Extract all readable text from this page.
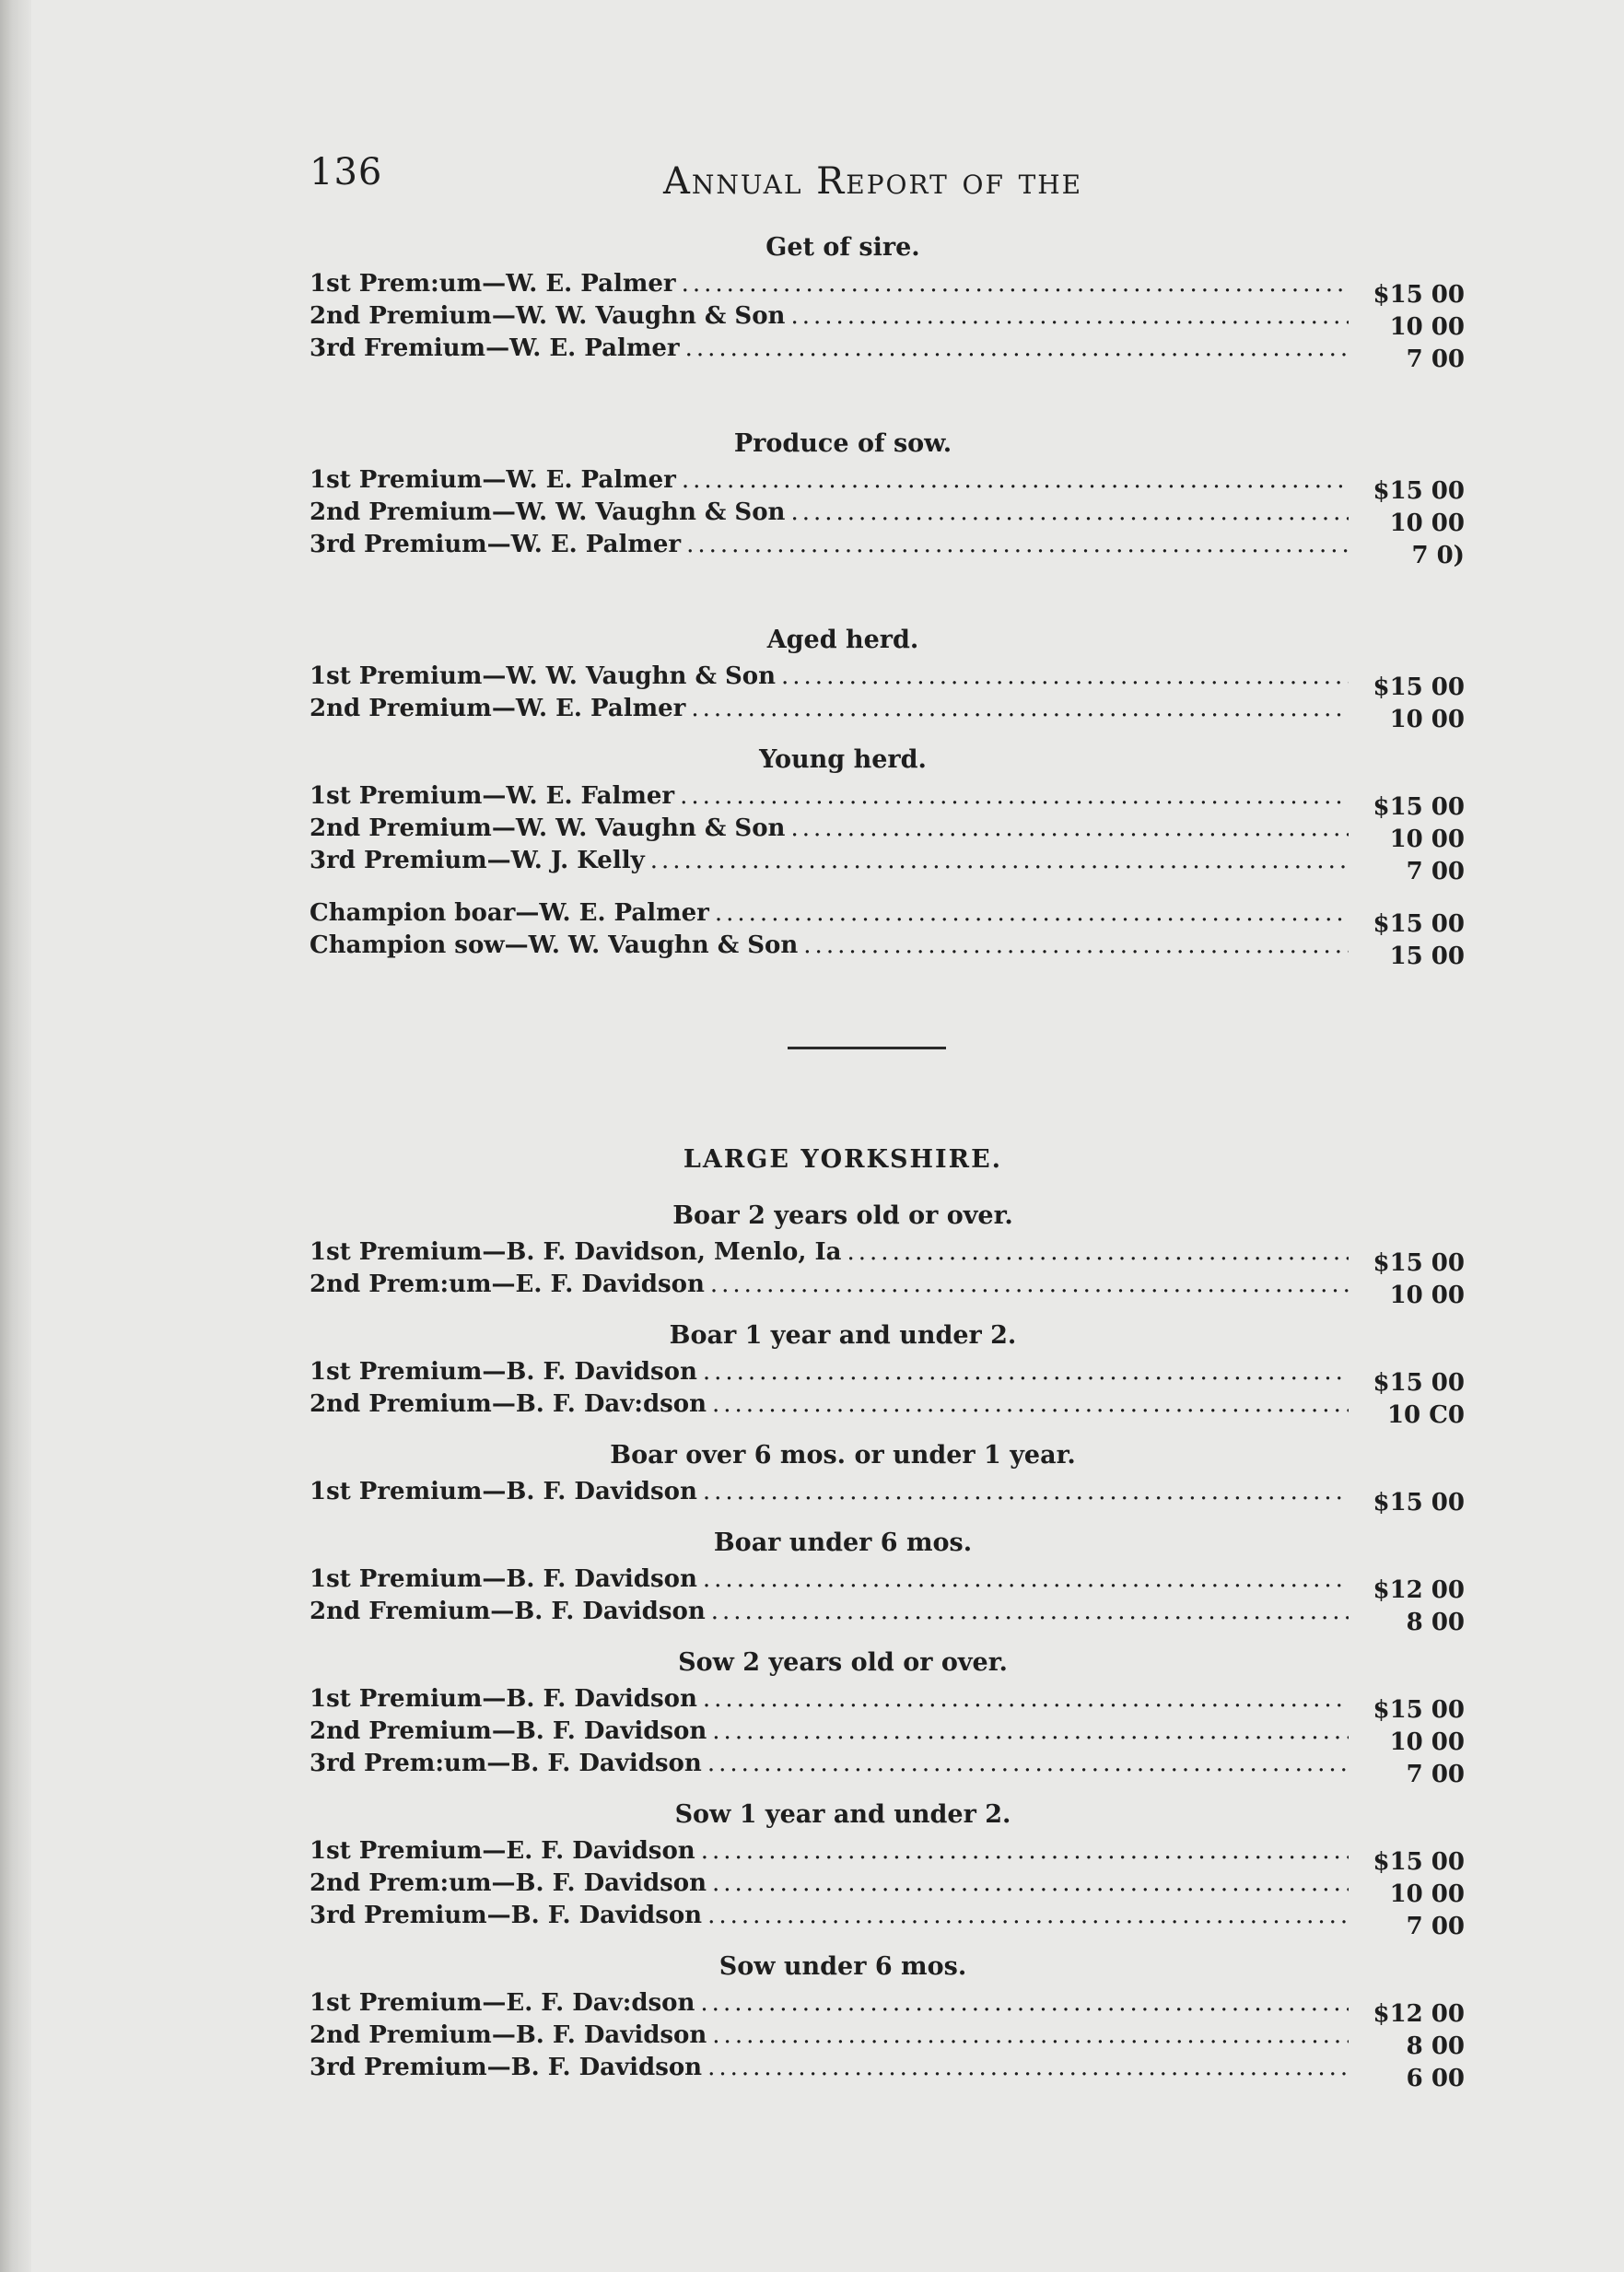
136	Annual Report of the
Get of sire.
1st Prem:um—W. E. Palmer .....	$15 00
2nd Premium—W. W. Vaughn & Son .....	10 00
3rd Fremium—W. E. Palmer .....	7 00
Produce of sow.
1st Premium—W. E. Palmer .....	$15 00
2nd Premium—W. W. Vaughn & Son .....	10 00
3rd Premium—W. E. Palmer .....	7 0)
Aged herd.
1st Premium—W. W. Vaughn & Son .....	$15 00
2nd Premium—W. E. Palmer .....	10 00
Young herd.
1st Premium—W. E. Falmer .....	$15 00
2nd Premium—W. W. Vaughn & Son .....	10 00
3rd Premium—W. J. Kelly .....	7 00
Champion boar—W. E. Palmer .....	$15 00
Champion sow—W. W. Vaughn & Son .....	15 00
LARGE YORKSHIRE.
Boar 2 years old or over.
1st Premium—B. F. Davidson, Menlo, Ia .....	$15 00
2nd Prem:um—E. F. Davidson .....	10 00
Boar 1 year and under 2.
1st Premium—B. F. Davidson .....	$15 00
2nd Premium—B. F. Dav:dson .....	10 C0
Boar over 6 mos. or under 1 year.
1st Premium—B. F. Davidson .....	$15 00
Boar under 6 mos.
1st Premium—B. F. Davidson .....	$12 00
2nd Fremium—B. F. Davidson .....	8 00
Sow 2 years old or over.
1st Premium—B. F. Davidson .....	$15 00
2nd Premium—B. F. Davidson .....	10 00
3rd Prem:um—B. F. Davidson .....	7 00
Sow 1 year and under 2.
1st Premium—E. F. Davidson .....	$15 00
2nd Prem:um—B. F. Davidson .....	10 00
3rd Premium—B. F. Davidson .....	7 00
Sow under 6 mos.
1st Premium—E. F. Dav:dson .....	$12 00
2nd Premium—B. F. Davidson .....	8 00
3rd Premium—B. F. Davidson .....	6 00
